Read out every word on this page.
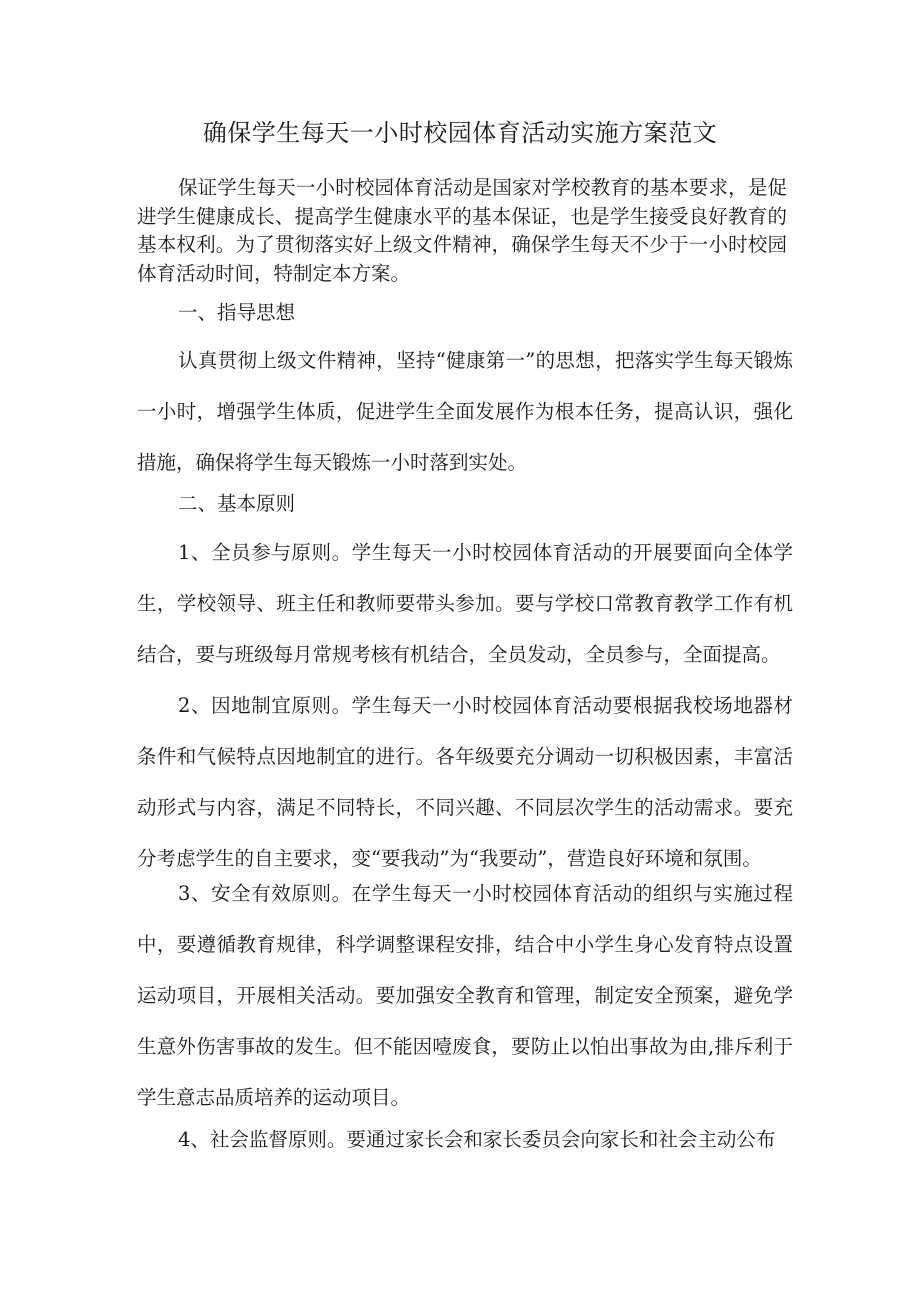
确保学生每天一小时校园体育活动实施方案范文
保证学生每天一小时校园体育活动是国家对学校教育的基本要求，是促进学生健康成长、提高学生健康水平的基本保证，也是学生接受良好教育的基本权利。为了贯彻落实好上级文件精神，确保学生每天不少于一小时校园体育活动时间，特制定本方案。
一、指导思想
认真贯彻上级文件精神，坚持“健康第一”的思想，把落实学生每天锻炼一小时，增强学生体质，促进学生全面发展作为根本任务，提高认识，强化措施，确保将学生每天锻炼一小时落到实处。
二、基本原则
1、全员参与原则。学生每天一小时校园体育活动的开展要面向全体学生，学校领导、班主任和教师要带头参加。要与学校口常教育教学工作有机结合，要与班级每月常规考核有机结合，全员发动，全员参与，全面提高。
2、因地制宜原则。学生每天一小时校园体育活动要根据我校场地器材条件和气候特点因地制宜的进行。各年级要充分调动一切积极因素，丰富活动形式与内容，满足不同特长，不同兴趣、不同层次学生的活动需求。要充分考虑学生的自主要求，变“要我动”为“我要动”，营造良好环境和氛围。
3、安全有效原则。在学生每天一小时校园体育活动的组织与实施过程中，要遵循教育规律，科学调整课程安排，结合中小学生身心发育特点设置运动项目，开展相关活动。要加强安全教育和管理，制定安全预案，避免学生意外伤害事故的发生。但不能因噎废食，要防止以怕出事故为由,排斥利于学生意志品质培养的运动项目。
4、社会监督原则。要通过家长会和家长委员会向家长和社会主动公布
